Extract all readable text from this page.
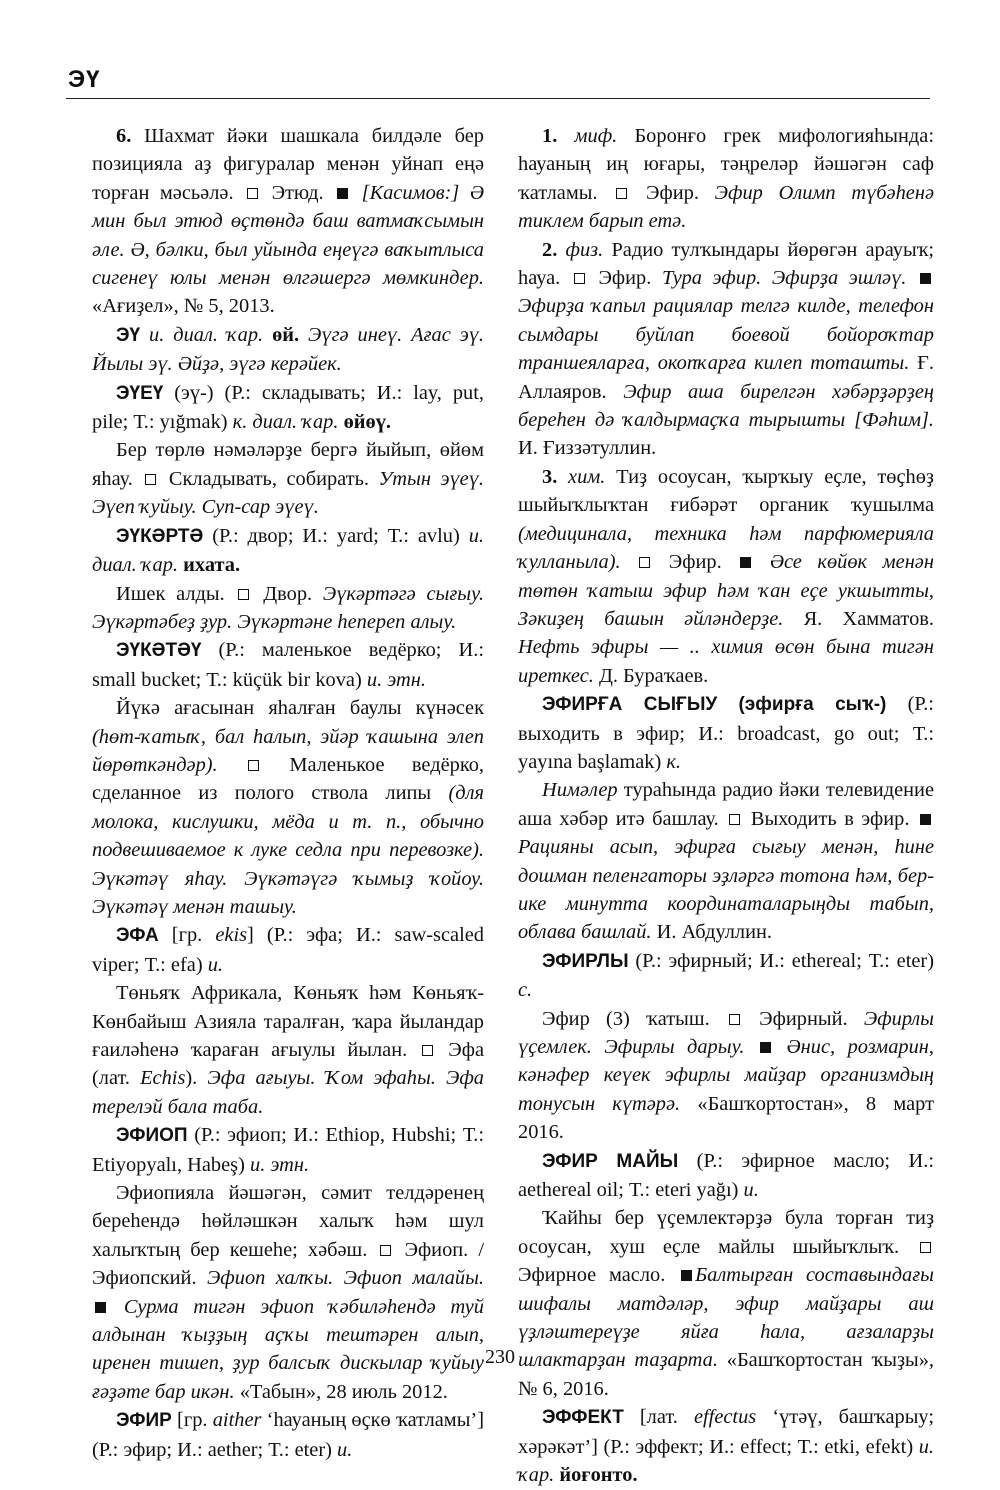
ЭҮ

6. Шахмат йәки шашкала билдәле бер позицияла аҙ фигуралар менән уйнап еңә торған мәсьәлә.  Этюд. [Касимов:] Ә мин был этюд өҫтөндә баш ватмаҡсымын әле. Ә, бәлки, был уйында еңеүгә ваҡытлыса сигенеү юлы менән өлгәшергә мөмкиндер. «Ағиҙел», № 5, 2013.

ЭҮ и. диал. ҡар. өй. Эүгә инеү. Ағас эү. Йылы эү. Әйҙә, эүгә керәйек.

ЭҮЕҮ (эү-) (Р.: складывать; И.: lay, put, pile; Т.: yığmak) к. диал. ҡар. өйөү.

Бер төрлө нәмәләрҙе бергә йыйып, өйөм яһау.  Складывать, собирать. Утын эүеү. Эүеп ҡуйыу. Суп-сар эүеү.

ЭҮКӘРТӘ (Р.: двор; И.: yard; Т.: avlu) и. диал. ҡар. ихата.

Ишек алды.  Двор. Эүкәртәгә сығыу. Эүкәртәбеҙ ҙур. Эүкәртәне һепереп алыу.

ЭҮКӘТӘҮ (Р.: маленькое ведёрко; И.: small bucket; Т.: küçük bir kova) и. этн.

Йүкә ағасынан яһалған баулы күнәсек (һөт-ҡатыҡ, бал һалып, эйәр ҡашына элеп йөрөткәндәр).  Маленькое ведёрко, сделанное из полого ствола липы (для молока, кислушки, мёда и т. п., обычно подвешиваемое к луке седла при перевозке). Эүкәтәү яһау. Эүкәтәүгә ҡымыҙ ҡойоу. Эүкәтәү менән ташыу.

ЭФА [гр. ekis] (Р.: эфа; И.: saw-scaled viper; Т.: efa) и.

Төньяҡ Африкала, Көньяҡ һәм Көньяҡ-Көнбайыш Азияла таралған, ҡара йыландар ғаиләһенә ҡараған ағыулы йылан.  Эфа (лат. Echis). Эфа ағыуы. Ҡом эфаһы. Эфа терелэй бала таба.

ЭФИОП (Р.: эфиоп; И.: Ethiop, Hubshi; Т.: Etiyopyalı, Habeş) и. этн.

Эфиопияла йәшәгән, сәмит телдәренең береһендә һөйләшкән халыҡ һәм шул халыҡтың бер кешеһе; хәбәш.  Эфиоп. / Эфиопский. Эфиоп халҡы. Эфиоп малайы.  Сурма тигән эфиоп ҡәбиләһендә туй алдынан ҡыҙҙың аҫҡы тештәрен алып, иренен тишеп, ҙур балсыҡ дискылар ҡуйыу ғәҙәте бар икән. «Табын», 28 июль 2012.

ЭФИР [гр. aither ‘һауаның өҫкө ҡатламы’] (Р.: эфир; И.: aether; Т.: eter) и.

1. миф. Боронғо грек мифологияһында: һауаның иң юғары, тәңреләр йәшәгән саф ҡатламы.  Эфир. Эфир Олимп түбәһенә тиклем барып етә.

2. физ. Радио тулҡындары йөрөгән арауыҡ; һауа.  Эфир. Тура эфир. Эфирҙа эшләү.  Эфирҙа ҡапыл рациялар телгә килде, телефон сымдары буйлап боевой бойороҡтар траншеяларға, окопҡарға килеп тоташты. Ғ. Аллаяров. Эфир аша бирелгән хәбәрҙәрҙең береһен дә ҡалдырмаҫҡа тырышты [Фәһим]. И. Ғиззәтуллин.

3. хим. Тиҙ осоусан, ҡырҡыу еҫле, төҫһөҙ шыйыҡлыҡтан ғибәрәт органик ҡушылма (медицинала, техника һәм парфюмерияла ҡулланыла).  Эфир. Әсе көйөк менән төтөн ҡатыш эфир һәм ҡан еҫе укшытты, Зәкиҙең башын әйләндерҙе. Я. Хамматов. Нефть эфиры — .. химия өсөн бына тигән иреткес. Д. Бураҡаев.

ЭФИРҒА СЫҒЫУ (эфирға сыҡ-) (Р.: выходить в эфир; И.: broadcast, go out; Т.: yayına başlamak) к.

Нимәлер тураһында радио йәки телевидение аша хәбәр итә башлау.  Выходить в эфир.  Рацияны асып, эфирға сығыу менән, һине дошман пеленгаторы эҙләргә тотона һәм, бер-ике минутта координаталарыңды табып, облава башлай. И. Абдуллин.

ЭФИРЛЫ (Р.: эфирный; И.: ethereal; Т.: eter) с.

Эфир (3) ҡатыш.  Эфирный. Эфирлы үҫемлек. Эфирлы дарыу. Әнис, розмарин, кәнәфер кеүек эфирлы майҙар организмдың тонусын күтәрә. «Башҡортостан», 8 март 2016.

ЭФИР МАЙЫ (Р.: эфирное масло; И.: aethereal oil; Т.: eteri yağı) и.

Ҡайһы бер үҫемлектәрҙә була торған тиҙ осоусан, хуш еҫле майлы шыйыҡлыҡ.  Эфирное масло. Балтырған составындағы шифалы матдәләр, эфир майҙары аш үҙләштереүҙе яйға һала, ағзаларҙы шлактарҙан таҙарта. «Башҡортостан ҡыҙы», № 6, 2016.

ЭФФЕКТ [лат. effectus ‘үтәү, башҡарыу; хәрәкәт’] (Р.: эффект; И.: effect; Т.: etki, efekt) и. ҡар. йоғонто.

230
